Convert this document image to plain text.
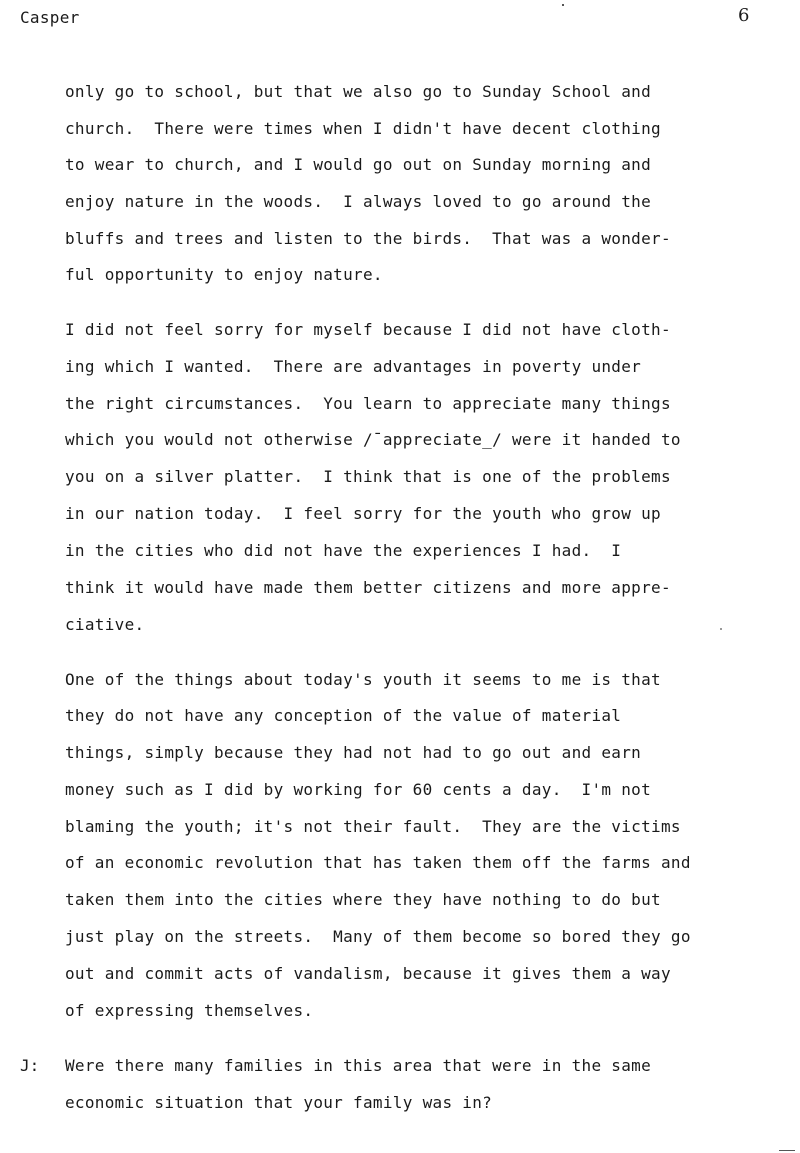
Casper	6
only go to school, but that we also go to Sunday School and
church.  There were times when I didn't have decent clothing
to wear to church, and I would go out on Sunday morning and
enjoy nature in the woods.  I always loved to go around the
bluffs and trees and listen to the birds.  That was a wonder-
ful opportunity to enjoy nature.
I did not feel sorry for myself because I did not have cloth-
ing which I wanted.  There are advantages in poverty under
the right circumstances.  You learn to appreciate many things
which you would not otherwise /¯appreciate_/ were it handed to
you on a silver platter.  I think that is one of the problems
in our nation today.  I feel sorry for the youth who grow up
in the cities who did not have the experiences I had.  I
think it would have made them better citizens and more appre-
ciative.
One of the things about today's youth it seems to me is that
they do not have any conception of the value of material
things, simply because they had not had to go out and earn
money such as I did by working for 60 cents a day.  I'm not
blaming the youth; it's not their fault.  They are the victims
of an economic revolution that has taken them off the farms and
taken them into the cities where they have nothing to do but
just play on the streets.  Many of them become so bored they go
out and commit acts of vandalism, because it gives them a way
of expressing themselves.
J: Were there many families in this area that were in the same
economic situation that your family was in?
